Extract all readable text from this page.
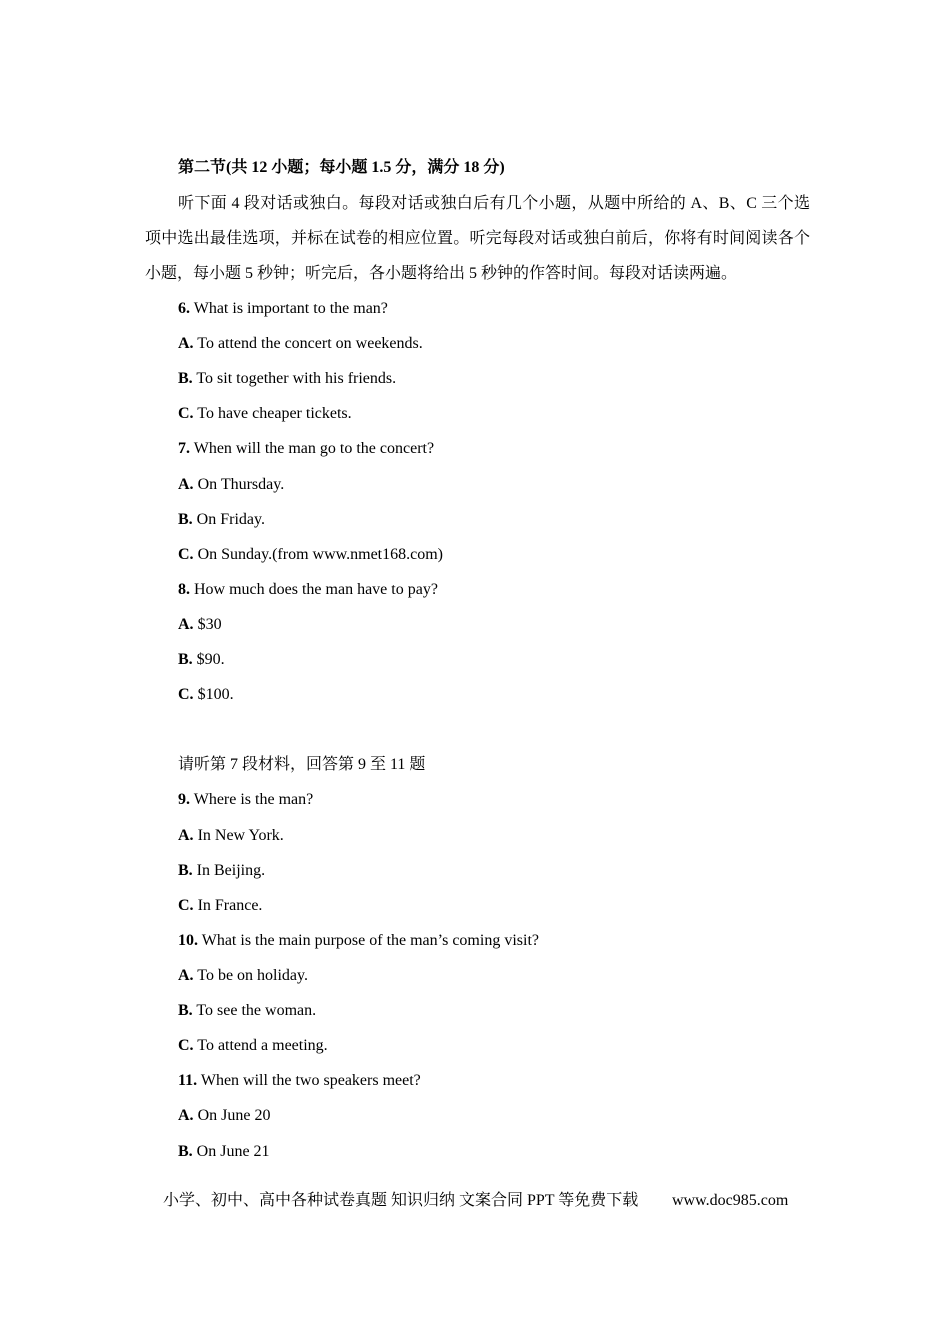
第二节(共 12 小题；每小题 1.5 分，满分 18 分)
听下面 4 段对话或独白。每段对话或独白后有几个小题，从题中所给的 A、B、C 三个选项中选出最佳选项，并标在试卷的相应位置。听完每段对话或独白前后，你将有时间阅读各个小题，每小题 5 秒钟；听完后，各小题将给出 5 秒钟的作答时间。每段对话读两遍。
6. What is important to the man?
A. To attend the concert on weekends.
B. To sit together with his friends.
C. To have cheaper tickets.
7. When will the man go to the concert?
A. On Thursday.
B. On Friday.
C. On Sunday.(from www.nmet168.com)
8. How much does the man have to pay?
A. $30
B. $90.
C. $100.
请听第 7 段材料，回答第 9 至 11 题
9. Where is the man?
A. In New York.
B. In Beijing.
C. In France.
10. What is the main purpose of the man’s coming visit?
A. To be on holiday.
B. To see the woman.
C. To attend a meeting.
11. When will the two speakers meet?
A. On June 20
B. On June 21
小学、初中、高中各种试卷真题 知识归纳 文案合同 PPT 等免费下载 www.doc985.com
